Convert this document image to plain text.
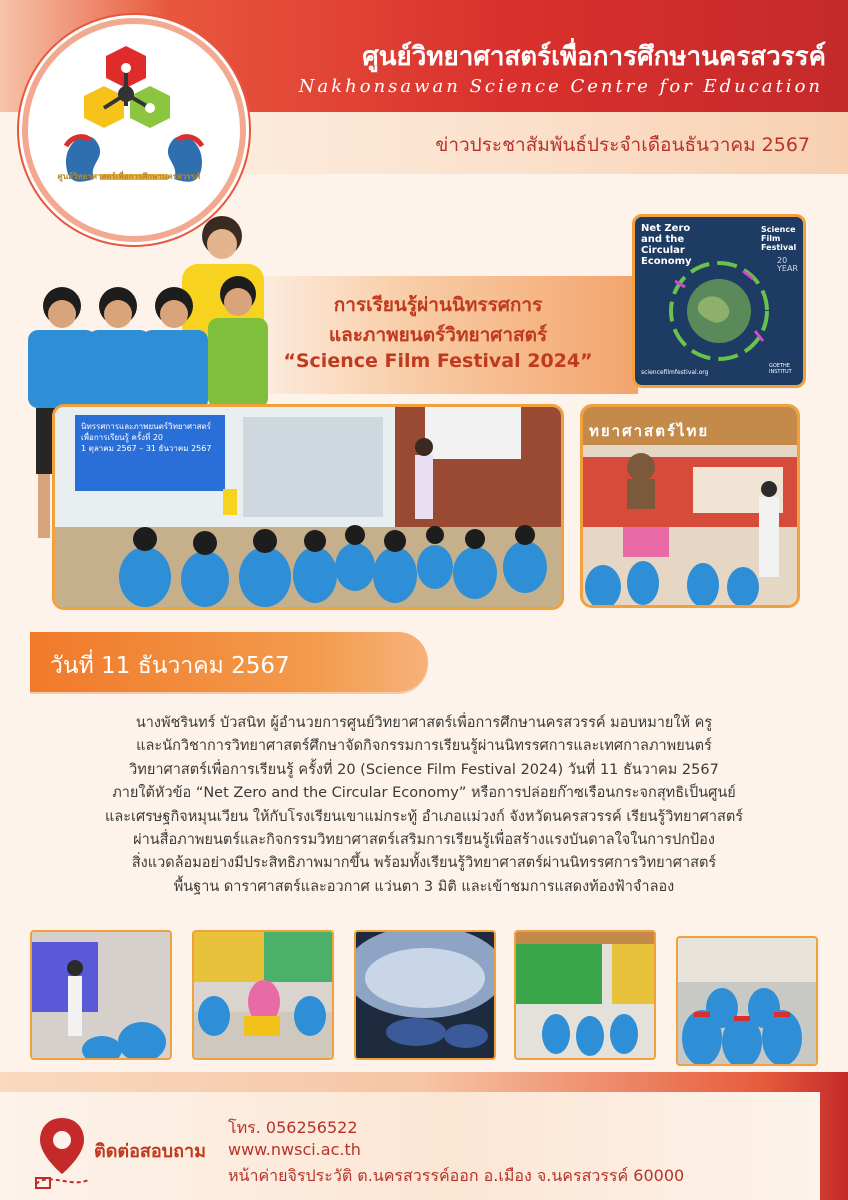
ศูนย์วิทยาศาสตร์เพื่อการศึกษานครสวรรค์
Nakhonsawan Science Centre for Education
ข่าวประชาสัมพันธ์ประจำเดือนธันวาคม 2567
ศูนย์วิทยาศาสตร์เพื่อการศึกษานครสวรรค์
การเรียนรู้ผ่านนิทรรศการ
และภาพยนตร์วิทยาศาสตร์
“Science Film Festival 2024”
Net Zero
and the
Circular
Economy
Science
Film
Festival
20
YEAR
sciencefilmfestival.org
GOETHE
INSTITUT
นิทรรศการและภาพยนตร์วิทยาศาสตร์
เพื่อการเรียนรู้ ครั้งที่ 20
1 ตุลาคม 2567 – 31 ธันวาคม 2567
ทยาศาสตร์ไทย
วันที่ 11 ธันวาคม 2567
นางพัชรินทร์ บัวสนิท ผู้อำนวยการศูนย์วิทยาศาสตร์เพื่อการศึกษานครสวรรค์ มอบหมายให้ ครู
และนักวิชาการวิทยาศาสตร์ศึกษาจัดกิจกรรมการเรียนรู้ผ่านนิทรรศการและเทศกาลภาพยนตร์
วิทยาศาสตร์เพื่อการเรียนรู้ ครั้งที่ 20 (Science Film Festival 2024) วันที่ 11 ธันวาคม 2567
ภายใต้หัวข้อ “Net Zero and the Circular Economy” หรือการปล่อยก๊าซเรือนกระจกสุทธิเป็นศูนย์
และเศรษฐกิจหมุนเวียน ให้กับโรงเรียนเขาแม่กระทู้ อำเภอแม่วงก์ จังหวัดนครสวรรค์ เรียนรู้วิทยาศาสตร์
ผ่านสื่อภาพยนตร์และกิจกรรมวิทยาศาสตร์เสริมการเรียนรู้เพื่อสร้างแรงบันดาลใจในการปกป้อง
สิ่งแวดล้อมอย่างมีประสิทธิภาพมากขึ้น พร้อมทั้งเรียนรู้วิทยาศาสตร์ผ่านนิทรรศการวิทยาศาสตร์
พื้นฐาน ดาราศาสตร์และอวกาศ แว่นตา 3 มิติ และเข้าชมการแสดงท้องฟ้าจำลอง
ติดต่อสอบถาม
โทร. 056256522
www.nwsci.ac.th
หน้าค่ายจิรประวัติ ต.นครสวรรค์ออก อ.เมือง จ.นครสวรรค์ 60000
